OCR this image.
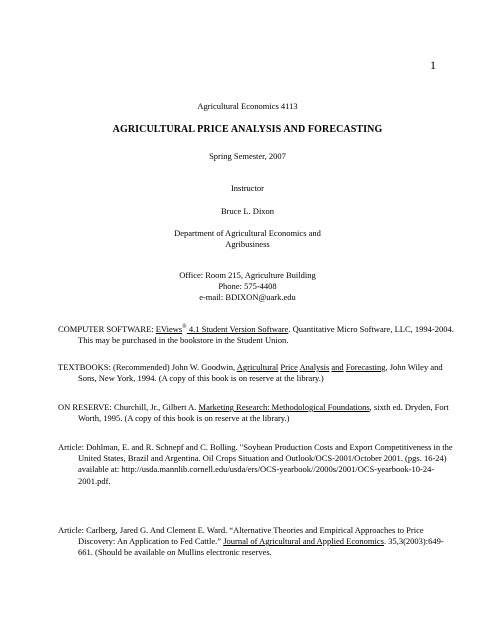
1
Agricultural Economics 4113
AGRICULTURAL PRICE ANALYSIS AND FORECASTING
Spring Semester, 2007
Instructor
Bruce L. Dixon
Department of Agricultural Economics and
Agribusiness
Office: Room 215, Agriculture Building
Phone: 575-4408
e-mail: BDIXON@uark.edu
COMPUTER SOFTWARE: EViews® 4.1 Student Version Software. Quantitative Micro Software, LLC, 1994-2004. This may be purchased in the bookstore in the Student Union.
TEXTBOOKS: (Recommended) John W. Goodwin, Agricultural Price Analysis and Forecasting, John Wiley and Sons, New York, 1994. (A copy of this book is on reserve at the library.)
ON RESERVE: Churchill, Jr., Gilbert A. Marketing Research: Methodological Foundations, sixth ed. Dryden, Fort Worth, 1995. (A copy of this book is on reserve at the library.)
Article: Dohlman, E. and R. Schnepf and C. Bolling. "Soybean Production Costs and Export Competitiveness in the United States, Brazil and Argentina. Oil Crops Situation and Outlook/OCS-2001/October 2001. (pgs. 16-24) available at: http://usda.mannlib.cornell.edu/usda/ers/OCS-yearbook//2000s/2001/OCS-yearbook-10-24-2001.pdf.
Article: Carlberg, Jared G. And Clement E. Ward. “Alternative Theories and Empirical Approaches to Price Discovery: An Application to Fed Cattle.” Journal of Agricultural and Applied Economics. 35,3(2003):649-661. (Should be available on Mullins electronic reserves.
